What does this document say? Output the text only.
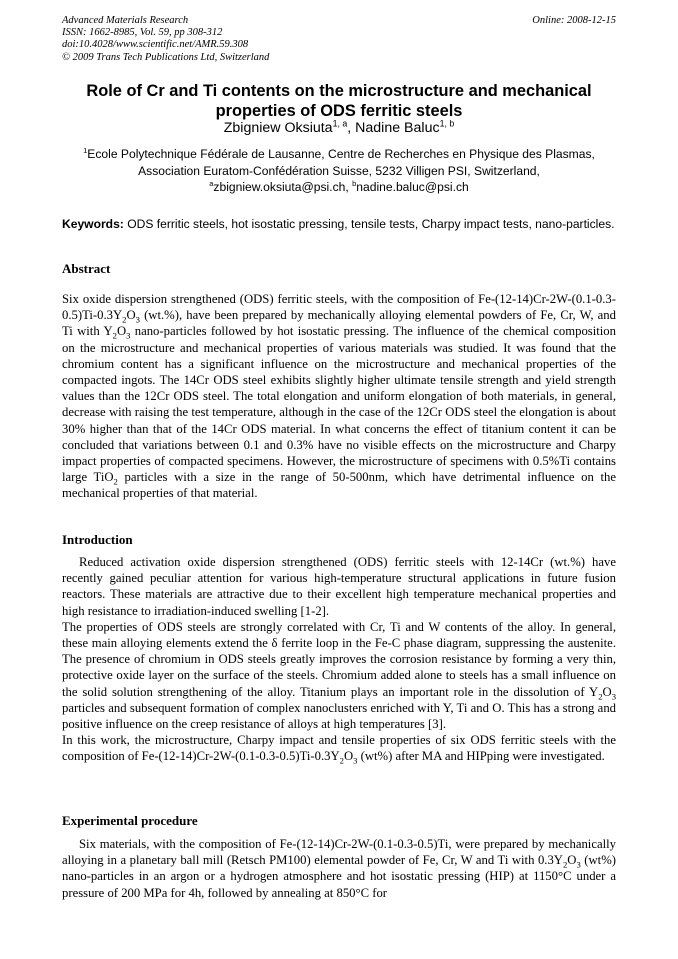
Advanced Materials Research
ISSN: 1662-8985, Vol. 59, pp 308-312
doi:10.4028/www.scientific.net/AMR.59.308
© 2009 Trans Tech Publications Ltd, Switzerland
Online: 2008-12-15
Role of Cr and Ti contents on the microstructure and mechanical
properties of ODS ferritic steels
Zbigniew Oksiuta$^{1, a}$, Nadine Baluc$^{1, b}$
$^1$Ecole Polytechnique Fédérale de Lausanne, Centre de Recherches en Physique des Plasmas,
Association Euratom-Confédération Suisse, 5232 Villigen PSI, Switzerland,
$^a$zbigniew.oksiuta@psi.ch, $^b$nadine.baluc@psi.ch
Keywords: ODS ferritic steels, hot isostatic pressing, tensile tests, Charpy impact tests, nano-particles.
Abstract

Six oxide dispersion strengthened (ODS) ferritic steels, with the composition of $Fe-(12-14)Cr-2W-(0.1-0.3-0.5)Ti-0.3Y_2O_3$ (wt.%), have been prepared by mechanically alloying elemental powders of Fe, Cr, W, and Ti with $Y_2O_3$ nano-particles followed by hot isostatic pressing. The influence of the chemical composition on the microstructure and mechanical properties of various materials was studied. It was found that the chromium content has a significant influence on the microstructure and mechanical properties of the compacted ingots. The 14Cr ODS steel exhibits slightly higher ultimate tensile strength and yield strength values than the 12Cr ODS steel. The total elongation and uniform elongation of both materials, in general, decrease with raising the test temperature, although in the case of the 12Cr ODS steel the elongation is about 30% higher than that of the 14Cr ODS material. In what concerns the effect of titanium content it can be concluded that variations between 0.1 and 0.3% have no visible effects on the microstructure and Charpy impact properties of compacted specimens. However, the microstructure of specimens with 0.5%Ti contains large TiO$_2$ particles with a size in the range of 50-500nm, which have detrimental influence on the mechanical properties of that material.

Introduction

Reduced activation oxide dispersion strengthened (ODS) ferritic steels with 12-14Cr (wt.%) have recently gained peculiar attention for various high-temperature structural applications in future fusion reactors. These materials are attractive due to their excellent high temperature mechanical properties and high resistance to irradiation-induced swelling [1-2].

The properties of ODS steels are strongly correlated with Cr, Ti and W contents of the alloy. In general, these main alloying elements extend the δ ferrite loop in the Fe-C phase diagram, suppressing the austenite. The presence of chromium in ODS steels greatly improves the corrosion resistance by forming a very thin, protective oxide layer on the surface of the steels. Chromium added alone to steels has a small influence on the solid solution strengthening of the alloy. Titanium plays an important role in the dissolution of $Y_2O_3$ particles and subsequent formation of complex nanoclusters enriched with Y, Ti and O. This has a strong and positive influence on the creep resistance of alloys at high temperatures [3].

In this work, the microstructure, Charpy impact and tensile properties of six ODS ferritic steels with the composition of $Fe-(12-14)Cr-2W-(0.1-0.3-0.5)Ti-0.3Y_2O_3$ (wt%) after MA and HIPping were investigated.

Experimental procedure

Six materials, with the composition of Fe-(12-14)Cr-2W-(0.1-0.3-0.5)Ti, were prepared by mechanically alloying in a planetary ball mill (Retsch PM100) elemental powder of Fe, Cr, W and Ti with $0.3Y_2O_3$ (wt%) nano-particles in an argon or a hydrogen atmosphere and hot isostatic pressing (HIP) at 1150°C under a pressure of 200 MPa for 4h, followed by annealing at 850°C for
